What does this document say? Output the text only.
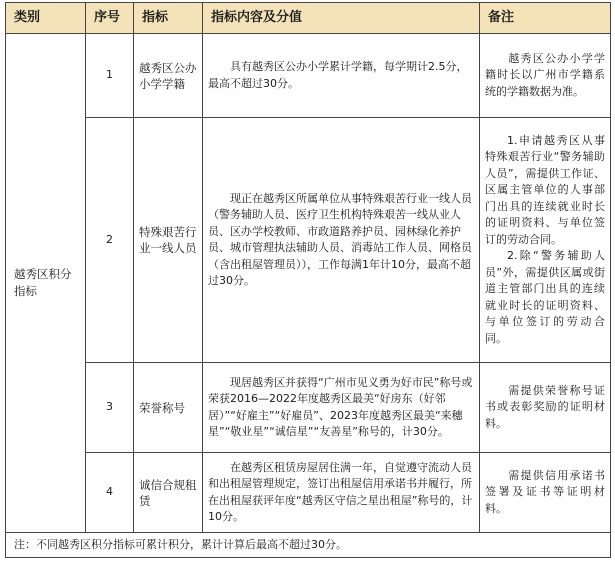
类别	序号	指标	指标内容及分值	备注
越秀区积分指标	1	越秀区公办小学学籍	具有越秀区公办小学累计学籍，每学期计2.5分，最高不超过30分。	越秀区公办小学学籍时长以广州市学籍系统的学籍数据为准。
	2	特殊艰苦行业一线人员	现正在越秀区所属单位从事特殊艰苦行业一线人员（警务辅助人员、医疗卫生机构特殊艰苦一线从业人员、区办学校教师、市政道路养护员、园林绿化养护员、城市管理执法辅助人员、消毒站工作人员、网格员（含出租屋管理员）），工作每满1年计10分，最高不超过30分。	1.申请越秀区从事特殊艰苦行业“警务辅助人员”，需提供工作证、区属主管单位的人事部门出具的连续就业时长的证明资料、与单位签订的劳动合同。
2.除“警务辅助人员”外，需提供区属或街道主管部门出具的连续就业时长的证明资料、与单位签订的劳动合同。

	3	荣誉称号	现居越秀区并获得“广州市见义勇为好市民”称号或荣获2016—2022年度越秀区最美“好房东（好邻居）”“好雇主”“好雇员”、2023年度越秀区最美“来穗星”“敬业星”“诚信星”“友善星”称号的，计30分。	需提供荣誉称号证书或表彰奖励的证明材料。
	4	诚信合规租赁	在越秀区租赁房屋居住满一年，自觉遵守流动人员和出租屋管理规定，签订出租屋信用承诺书并履行，所在出租屋获评年度“越秀区守信之星出租屋”称号的，计10分。	需提供信用承诺书签署及证书等证明材料。
注：不同越秀区积分指标可累计积分，累计计算后最高不超过30分。				
